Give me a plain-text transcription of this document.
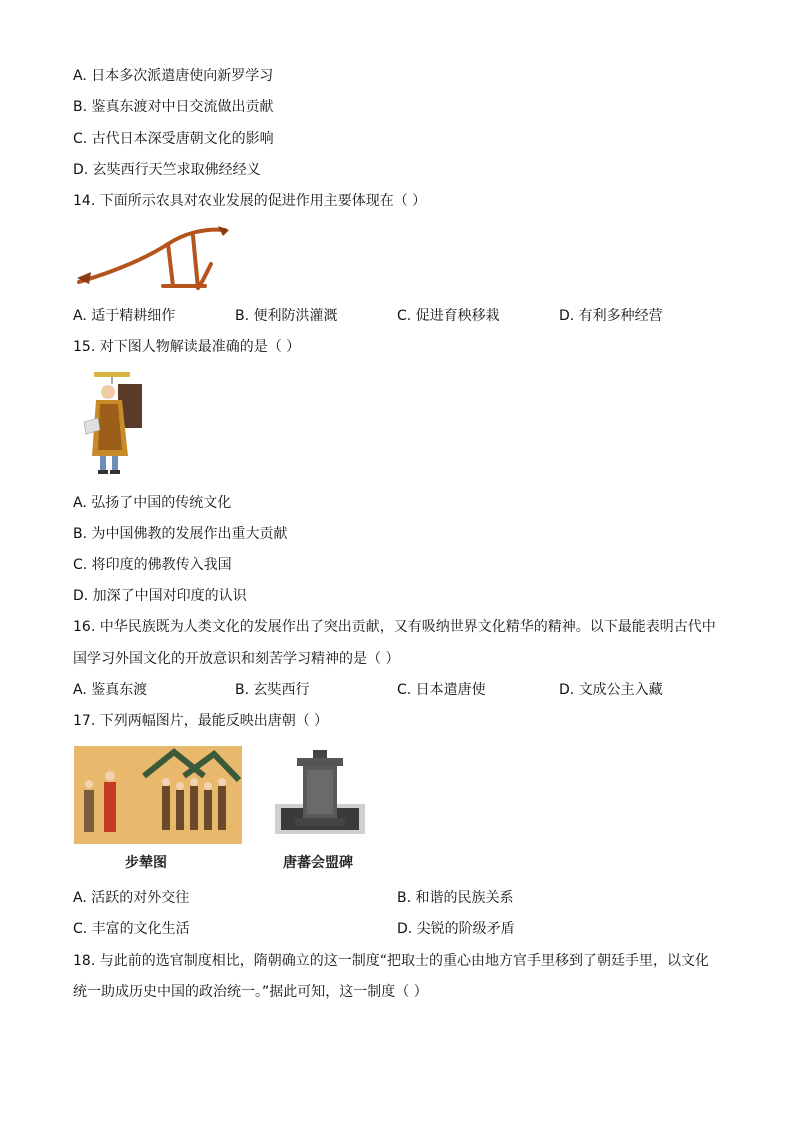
A. 日本多次派遣唐使向新罗学习
B. 鉴真东渡对中日交流做出贡献
C. 古代日本深受唐朝文化的影响
D. 玄奘西行天竺求取佛经经义
14. 下面所示农具对农业发展的促进作用主要体现在（ ）
A. 适于精耕细作	B. 便利防洪灌溉	C. 促进育秧移栽	D. 有利多种经营
15. 对下图人物解读最准确的是（ ）
A. 弘扬了中国的传统文化
B. 为中国佛教的发展作出重大贡献
C. 将印度的佛教传入我国
D. 加深了中国对印度的认识
16. 中华民族既为人类文化的发展作出了突出贡献，又有吸纳世界文化精华的精神。以下最能表明古代中
国学习外国文化的开放意识和刻苦学习精神的是（ ）
A. 鉴真东渡	B. 玄奘西行	C. 日本遣唐使	D. 文成公主入藏
17. 下列两幅图片，最能反映出唐朝（ ）
步辇图	唐蕃会盟碑
A. 活跃的对外交往	B. 和谐的民族关系
C. 丰富的文化生活	D. 尖锐的阶级矛盾
18. 与此前的选官制度相比，隋朝确立的这一制度“把取士的重心由地方官手里移到了朝廷手里，以文化
统一助成历史中国的政治统一。”据此可知，这一制度（ ）
